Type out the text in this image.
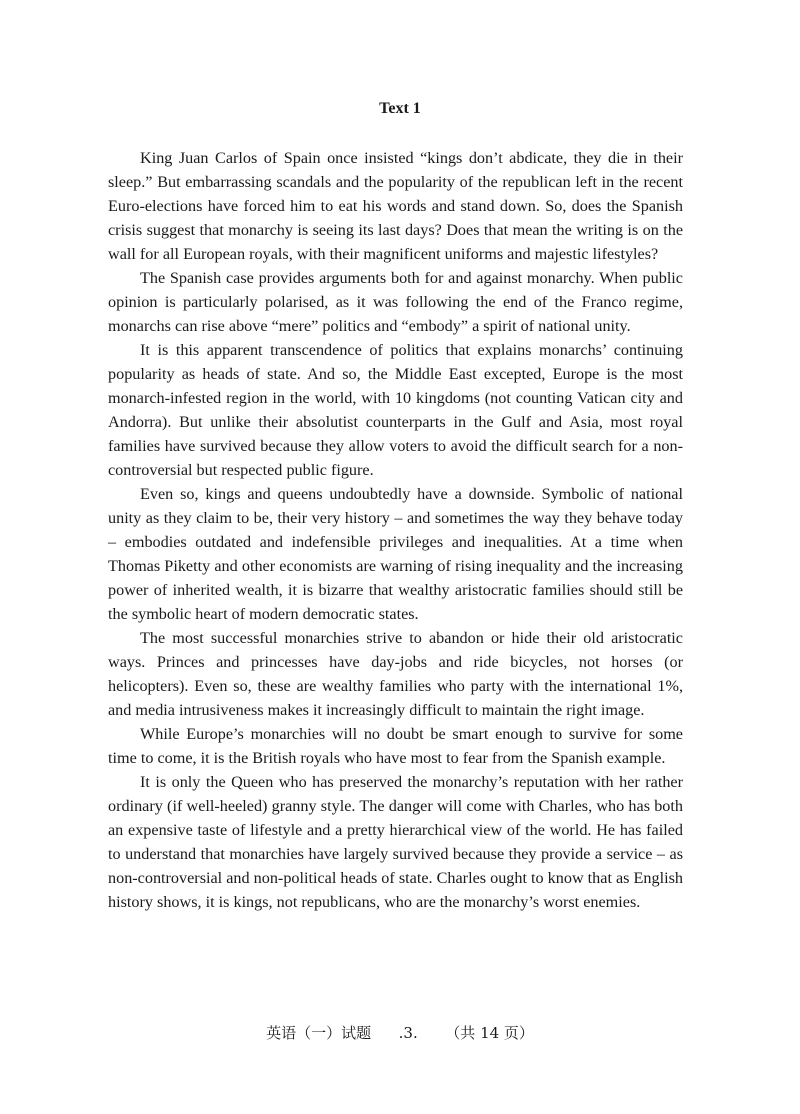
Text 1

King Juan Carlos of Spain once insisted “kings don’t abdicate, they die in their sleep.” But embarrassing scandals and the popularity of the republican left in the recent Euro-elections have forced him to eat his words and stand down. So, does the Spanish crisis suggest that monarchy is seeing its last days? Does that mean the writing is on the wall for all European royals, with their magnificent uniforms and majestic lifestyles?

The Spanish case provides arguments both for and against monarchy. When public opinion is particularly polarised, as it was following the end of the Franco regime, monarchs can rise above “mere” politics and “embody” a spirit of national unity.

It is this apparent transcendence of politics that explains monarchs’ continuing popularity as heads of state. And so, the Middle East excepted, Europe is the most monarch-infested region in the world, with 10 kingdoms (not counting Vatican city and Andorra). But unlike their absolutist counterparts in the Gulf and Asia, most royal families have survived because they allow voters to avoid the difficult search for a non-controversial but respected public figure.

Even so, kings and queens undoubtedly have a downside. Symbolic of national unity as they claim to be, their very history – and sometimes the way they behave today – embodies outdated and indefensible privileges and inequalities. At a time when Thomas Piketty and other economists are warning of rising inequality and the increasing power of inherited wealth, it is bizarre that wealthy aristocratic families should still be the symbolic heart of modern democratic states.

The most successful monarchies strive to abandon or hide their old aristocratic ways. Princes and princesses have day-jobs and ride bicycles, not horses (or helicopters). Even so, these are wealthy families who party with the international 1%, and media intrusiveness makes it increasingly difficult to maintain the right image.

While Europe’s monarchies will no doubt be smart enough to survive for some time to come, it is the British royals who have most to fear from the Spanish example.

It is only the Queen who has preserved the monarchy’s reputation with her rather ordinary (if well-heeled) granny style. The danger will come with Charles, who has both an expensive taste of lifestyle and a pretty hierarchical view of the world. He has failed to understand that monarchies have largely survived because they provide a service – as non-controversial and non-political heads of state. Charles ought to know that as English history shows, it is kings, not republicans, who are the monarchy’s worst enemies.

英语（一）试题 .3. （共 14 页）
